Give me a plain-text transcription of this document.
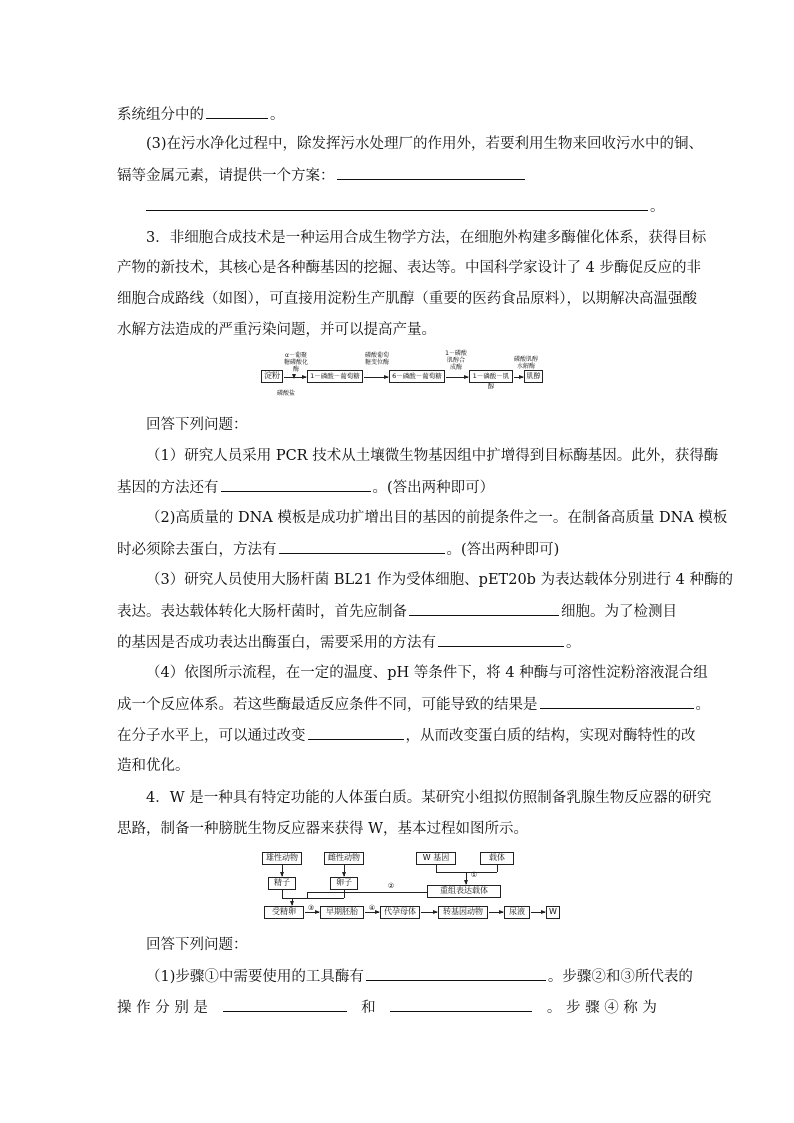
系统组分中的	。
(3)在污水净化过程中，除发挥污水处理厂的作用外，若要利用生物来回收污水中的铜、
镉等金属元素，请提供一个方案：
。
3．非细胞合成技术是一种运用合成生物学方法，在细胞外构建多酶催化体系，获得目标
产物的新技术，其核心是各种酶基因的挖掘、表达等。中国科学家设计了 4 步酶促反应的非
细胞合成路线（如图），可直接用淀粉生产肌醇（重要的医药食品原料），以期解决高温强酸
水解方法造成的严重污染问题，并可以提高产量。
淀粉
α－葡聚糖磷酸化酶
磷酸盐
1－磷酸－葡萄糖
磷酸葡萄糖变位酶
6－磷酸－葡萄糖
1－磷酸肌醇合成酶
1－磷酸－肌醇
磷酸肌醇水解酶
肌醇
回答下列问题：
（1）研究人员采用 PCR 技术从土壤微生物基因组中扩增得到目标酶基因。此外，获得酶
基因的方法还有	。(答出两种即可）
（2)高质量的 DNA 模板是成功扩增出目的基因的前提条件之一。在制备高质量 DNA 模板
时必须除去蛋白，方法有	。(答出两种即可)
（3）研究人员使用大肠杆菌 BL21 作为受体细胞、pET20b 为表达载体分别进行 4 种酶的
表达。表达载体转化大肠杆菌时，首先应制备	细胞。为了检测目
的基因是否成功表达出酶蛋白，需要采用的方法有	。
（4）依图所示流程，在一定的温度、pH 等条件下，将 4 种酶与可溶性淀粉溶液混合组
成一个反应体系。若这些酶最适反应条件不同，可能导致的结果是	。
在分子水平上，可以通过改变	，从而改变蛋白质的结构，实现对酶特性的改
造和优化。
4．W 是一种具有特定功能的人体蛋白质。某研究小组拟仿照制备乳腺生物反应器的研究
思路，制备一种膀胱生物反应器来获得 W，基本过程如图所示。
雄性动物	雌性动物	W 基因	载体
①
精子	卵子
重组表达载体
②
受精卵	③	早期胚胎	④	代孕母体	转基因动物	尿液	W
回答下列问题：
（1)步骤①中需要使用的工具酶有	。步骤②和③所代表的
操 作 分 别 是	和	。 步 骤 ④ 称 为
